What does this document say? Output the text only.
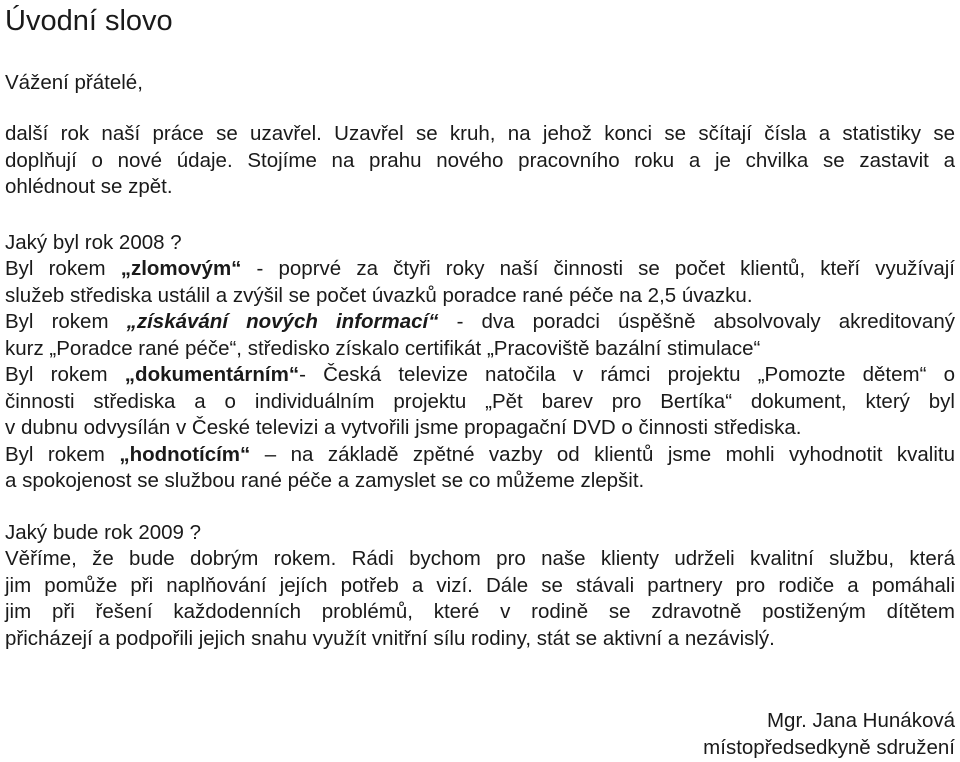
Úvodní slovo

Vážení přátelé,

další rok naší práce se uzavřel. Uzavřel se kruh, na jehož konci se sčítají čísla a statistiky se
doplňují o nové údaje. Stojíme na prahu nového pracovního roku a je chvilka se zastavit a
ohlédnout se zpět.

Jaký byl rok 2008 ?

Byl rokem „zlomovým“ - poprvé za čtyři roky naší činnosti se počet klientů, kteří využívají
služeb střediska ustálil a zvýšil se počet úvazků poradce rané péče na 2,5 úvazku.
Byl rokem „získávání nových informací“ - dva poradci úspěšně absolvovaly akreditovaný
kurz „Poradce rané péče“, středisko získalo certifikát „Pracoviště bazální stimulace“
Byl rokem „dokumentárním“- Česká televize natočila v rámci projektu „Pomozte dětem“ o
činnosti střediska a o individuálním projektu „Pět barev pro Bertíka“ dokument, který byl
v dubnu odvysílán v České televizi a vytvořili jsme propagační DVD o činnosti střediska.
Byl rokem „hodnotícím“ – na základě zpětné vazby od klientů jsme mohli vyhodnotit kvalitu
a spokojenost se službou rané péče a zamyslet se co můžeme zlepšit.

Jaký bude rok 2009 ?

Věříme, že bude dobrým rokem. Rádi bychom pro naše klienty udrželi kvalitní službu, která
jim pomůže při naplňování jejích potřeb a vizí. Dále se stávali partnery pro rodiče a pomáhali
jim při řešení každodenních problémů, které v rodině se zdravotně postiženým dítětem
přicházejí a podpořili jejich snahu využít vnitřní sílu rodiny, stát se aktivní a nezávislý.
Mgr. Jana Hunáková
místopředsedkyně sdružení
